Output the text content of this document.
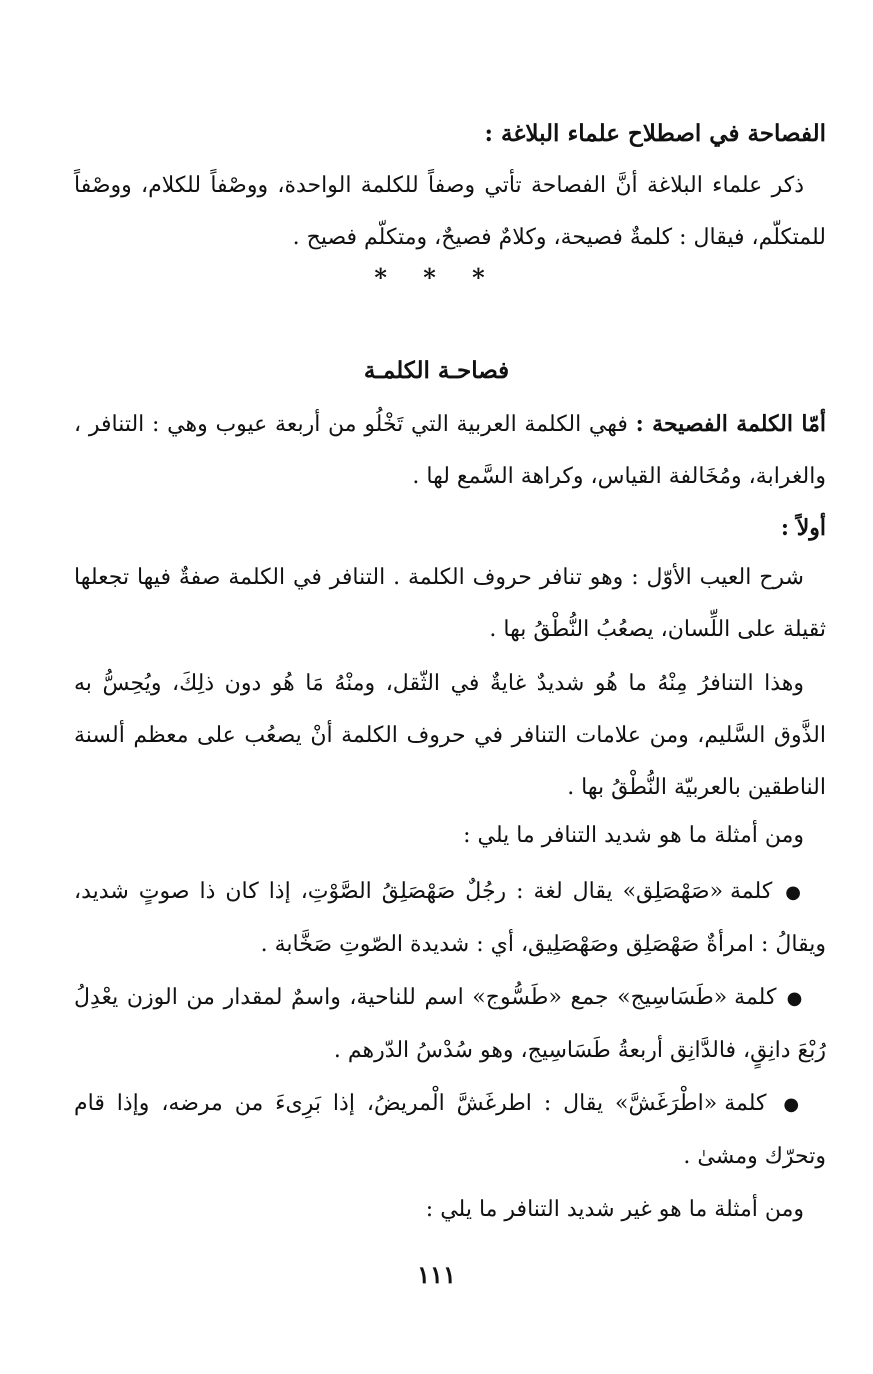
الفصاحة في اصطلاح علماء البلاغة :
ذكر علماء البلاغة أنَّ الفصاحة تأتي وصفاً للكلمة الواحدة، ووصْفاً للكلام، ووصْفاً للمتكلّم، فيقال : كلمةٌ فصيحة، وكلامٌ فصيحٌ، ومتكلّم فصيح .
* * *
فصاحـة الكلمـة
أمّا الكلمة الفصيحة : فهي الكلمة العربية التي تَخْلُو من أربعة عيوب وهي : التنافر ، والغرابة، ومُخَالفة القياس، وكراهة السَّمع لها .
أولاً :
شرح العيب الأوّل : وهو تنافر حروف الكلمة . التنافر في الكلمة صفةٌ فيها تجعلها ثقيلة على اللِّسان، يصعُبُ النُّطْقُ بها .
وهذا التنافرُ مِنْهُ ما هُو شديدٌ غايةٌ في الثّقل، ومنْهُ مَا هُو دون ذلِكَ، ويُحِسُّ به الذَّوق السَّليم، ومن علامات التنافر في حروف الكلمة أنْ يصعُب على معظم ألسنة الناطقين بالعربيّة النُّطْقُ بها .
ومن أمثلة ما هو شديد التنافر ما يلي :
● كلمة «صَهْصَلِق» يقال لغة : رجُلٌ صَهْصَلِقُ الصَّوْتِ، إذا كان ذا صوتٍ شديد، ويقالُ : امرأةٌ صَهْصَلِق وصَهْصَلِيق، أي : شديدة الصّوتِ صَخَّابة .
● كلمة «طَسَاسِيج» جمع «طَسُّوج» اسم للناحية، واسمٌ لمقدار من الوزن يعْدِلُ رُبْعَ دانِقٍ، فالدَّانِق أربعةُ طَسَاسِيج، وهو سُدْسُ الدّرهم .
● كلمة «اطْرَغَشَّ» يقال : اطرغَشَّ الْمريضُ، إذا بَرِىءَ من مرضه، وإذا قام وتحرّك ومشىٰ .
ومن أمثلة ما هو غير شديد التنافر ما يلي :
١١١
